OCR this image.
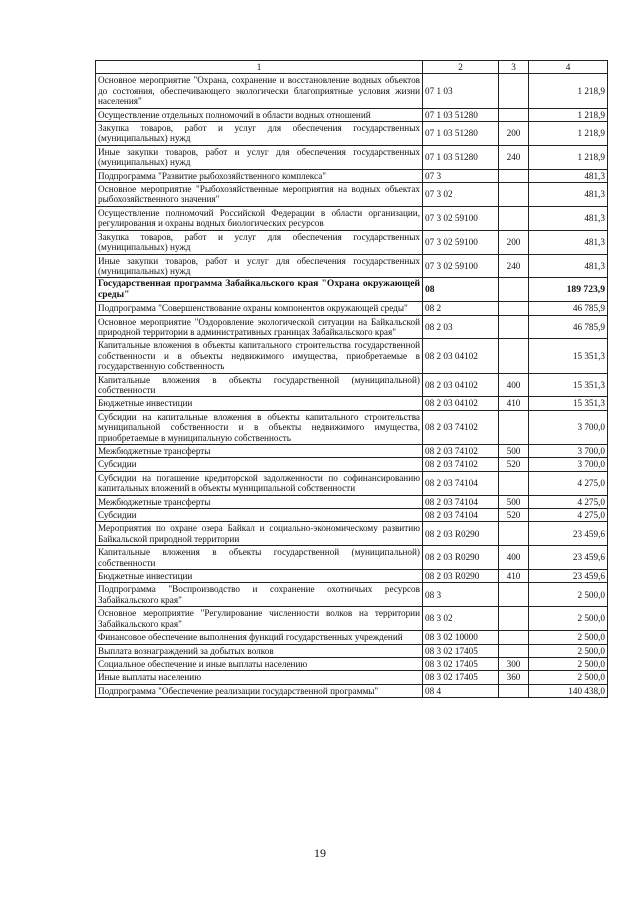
1	2	3	4
Основное мероприятие "Охрана, сохранение и восстановление водных объектов до состояния, обеспечивающего экологически благоприятные условия жизни населения"	07 1 03		1 218,9
Осуществление отдельных полномочий в области водных отношений	07 1 03 51280		1 218,9
Закупка товаров, работ и услуг для обеспечения государственных (муниципальных) нужд	07 1 03 51280	200	1 218,9
Иные закупки товаров, работ и услуг для обеспечения государственных (муниципальных) нужд	07 1 03 51280	240	1 218,9
Подпрограмма "Развитие рыбохозяйственного комплекса"	07 3		481,3
Основное мероприятие "Рыбохозяйственные мероприятия на водных объектах рыбохозяйственного значения"	07 3 02		481,3
Осуществление полномочий Российской Федерации в области организации, регулирования и охраны водных биологических ресурсов	07 3 02 59100		481,3
Закупка товаров, работ и услуг для обеспечения государственных (муниципальных) нужд	07 3 02 59100	200	481,3
Иные закупки товаров, работ и услуг для обеспечения государственных (муниципальных) нужд	07 3 02 59100	240	481,3
Государственная программа Забайкальского края "Охрана окружающей среды"	08		189 723,9
Подпрограмма "Совершенствование охраны компонентов окружающей среды"	08 2		46 785,9
Основное мероприятие "Оздоровление экологической ситуации на Байкальской природной территории в административных границах Забайкальского края"	08 2 03		46 785,9
Капитальные вложения в объекты капитального строительства государственной собственности и в объекты недвижимого имущества, приобретаемые в государственную собственность	08 2 03 04102		15 351,3
Капитальные вложения в объекты государственной (муниципальной) собственности	08 2 03 04102	400	15 351,3
Бюджетные инвестиции	08 2 03 04102	410	15 351,3
Субсидии на капитальные вложения в объекты капитального строительства муниципальной собственности и в объекты недвижимого имущества, приобретаемые в муниципальную собственность	08 2 03 74102		3 700,0
Межбюджетные трансферты	08 2 03 74102	500	3 700,0
Субсидии	08 2 03 74102	520	3 700,0
Субсидии на погашение кредиторской задолженности по софинансированию капитальных вложений в объекты муниципальной собственности	08 2 03 74104		4 275,0
Межбюджетные трансферты	08 2 03 74104	500	4 275,0
Субсидии	08 2 03 74104	520	4 275,0
Мероприятия по охране озера Байкал и социально-экономическому развитию Байкальской природной территории	08 2 03 R0290		23 459,6
Капитальные вложения в объекты государственной (муниципальной) собственности	08 2 03 R0290	400	23 459,6
Бюджетные инвестиции	08 2 03 R0290	410	23 459,6
Подпрограмма "Воспроизводство и сохранение охотничьих ресурсов Забайкальского края"	08 3		2 500,0
Основное мероприятие "Регулирование численности волков на территории Забайкальского края"	08 3 02		2 500,0
Финансовое обеспечение выполнения функций государственных учреждений	08 3 02 10000		2 500,0
Выплата вознаграждений за добытых волков	08 3 02 17405		2 500,0
Социальное обеспечение и иные выплаты населению	08 3 02 17405	300	2 500,0
Иные выплаты населению	08 3 02 17405	360	2 500,0
Подпрограмма "Обеспечение реализации государственной программы"	08 4		140 438,0
19
